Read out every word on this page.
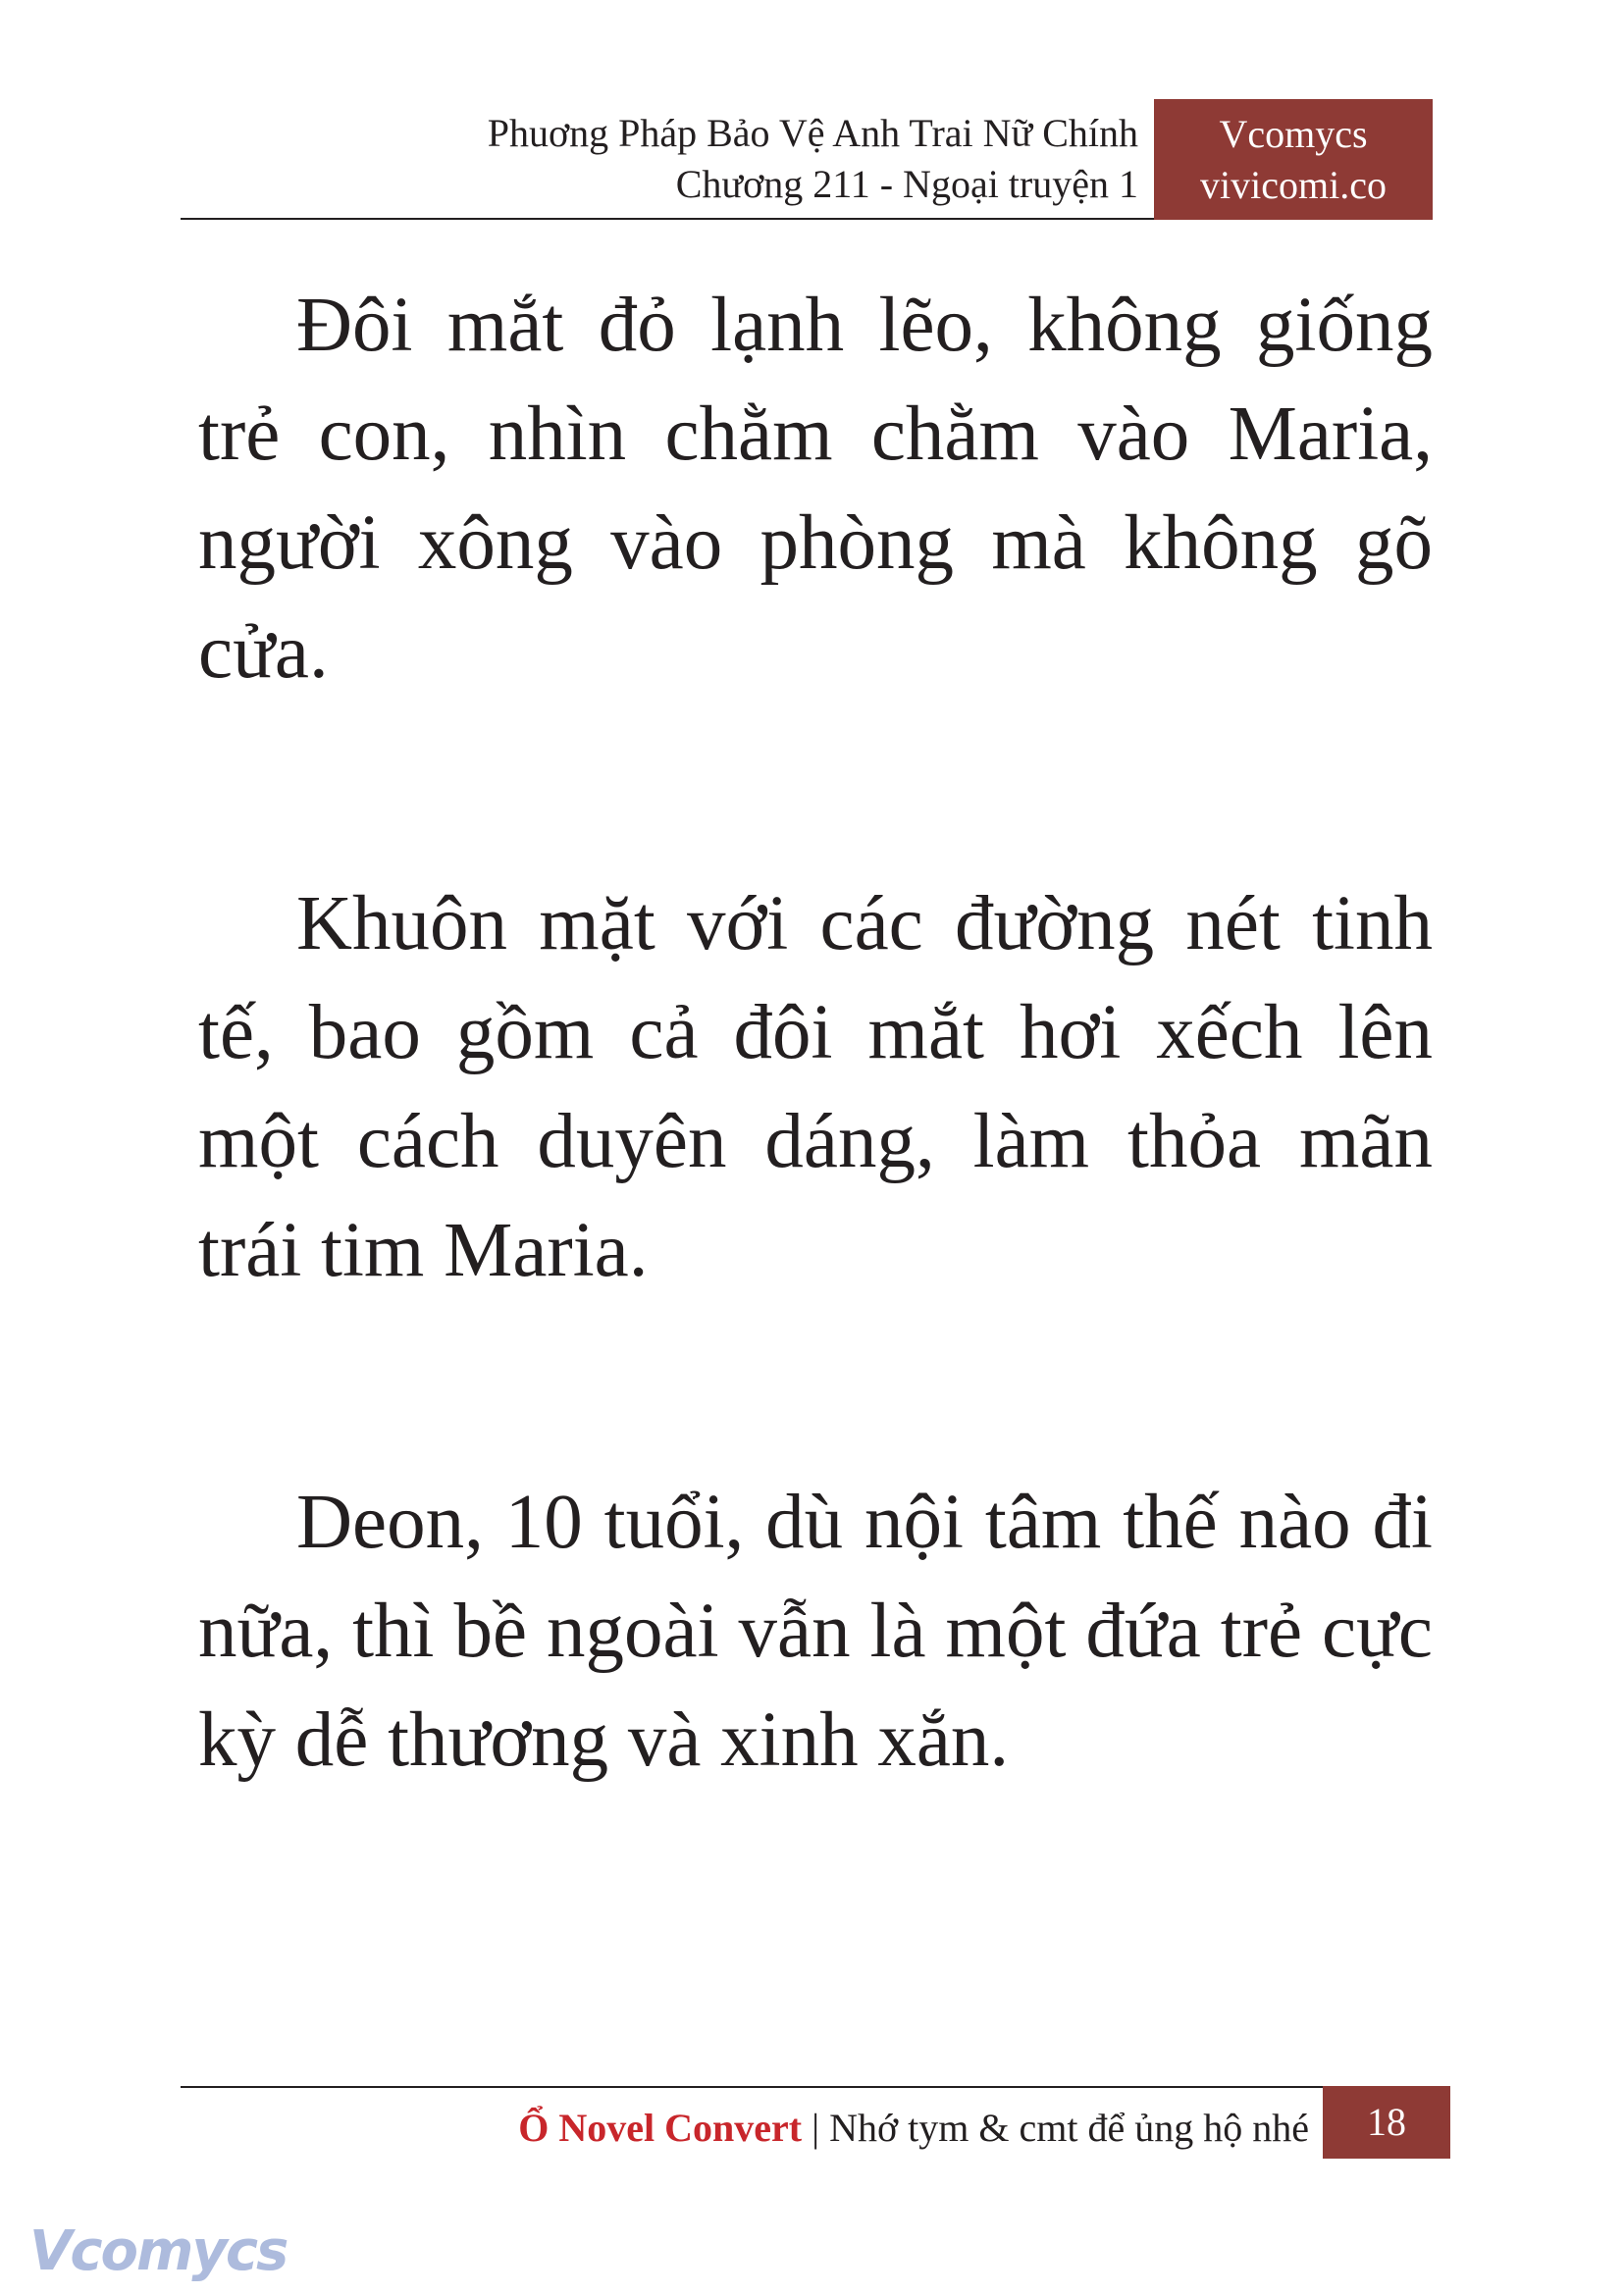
Phuơng Pháp Bảo Vệ Anh Trai Nữ Chính
Chương 211 - Ngoại truyện 1
Vcomycs
vivicomi.co

Đôi mắt đỏ lạnh lẽo, không giống trẻ con, nhìn chằm chằm vào Maria, người xông vào phòng mà không gõ cửa.

Khuôn mặt với các đường nét tinh tế, bao gồm cả đôi mắt hơi xếch lên một cách duyên dáng, làm thỏa mãn trái tim Maria.

Deon, 10 tuổi, dù nội tâm thế nào đi nữa, thì bề ngoài vẫn là một đứa trẻ cực kỳ dễ thương và xinh xắn.

Ổ Novel Convert | Nhớ tym & cmt để ủng hộ nhé	18
Vcomycs
